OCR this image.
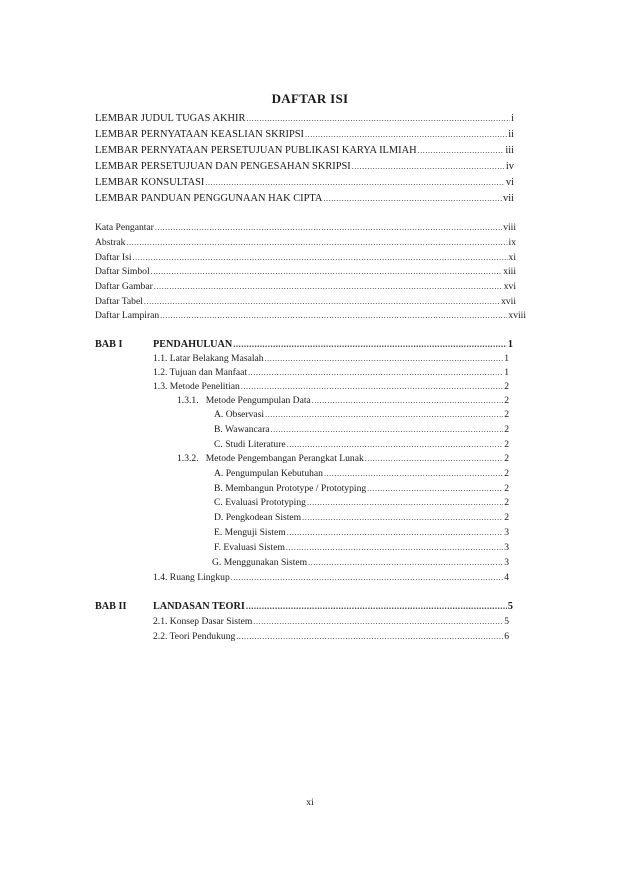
DAFTAR ISI
LEMBAR JUDUL TUGAS AKHIR .....	i
LEMBAR PERNYATAAN KEASLIAN SKRIPSI .....	ii
LEMBAR PERNYATAAN PERSETUJUAN PUBLIKASI KARYA ILMIAH .....	iii
LEMBAR PERSETUJUAN DAN PENGESAHAN SKRIPSI .....	iv
LEMBAR KONSULTASI .....	vi
LEMBAR PANDUAN PENGGUNAAN HAK CIPTA .....	vii
Kata Pengantar .....	viii
Abstrak .....	ix
Daftar Isi .....	xi
Daftar Simbol .....	xiii
Daftar Gambar .....	xvi
Daftar Tabel .....	xvii
Daftar Lampiran .....	xviii
BAB I	PENDAHULUAN .....	1
1.1. Latar Belakang Masalah .....	1
1.2. Tujuan dan Manfaat .....	1
1.3. Metode Penelitian .....	2
1.3.1.   Metode Pengumpulan Data .....	2
A. Observasi .....	2
B. Wawancara .....	2
C. Studi Literature .....	2
1.3.2.   Metode Pengembangan Perangkat Lunak .....	2
A. Pengumpulan Kebutuhan .....	2
B. Membangun Prototype / Prototyping .....	2
C. Evaluasi Prototyping .....	2
D. Pengkodean Sistem .....	2
E. Menguji Sistem .....	3
F. Evaluasi Sistem .....	3
G. Menggunakan Sistem .....	3
1.4. Ruang Lingkup .....	4
BAB II	LANDASAN TEORI .....	5
2.1. Konsep Dasar Sistem .....	5
2.2. Teori Pendukung .....	6
xi
